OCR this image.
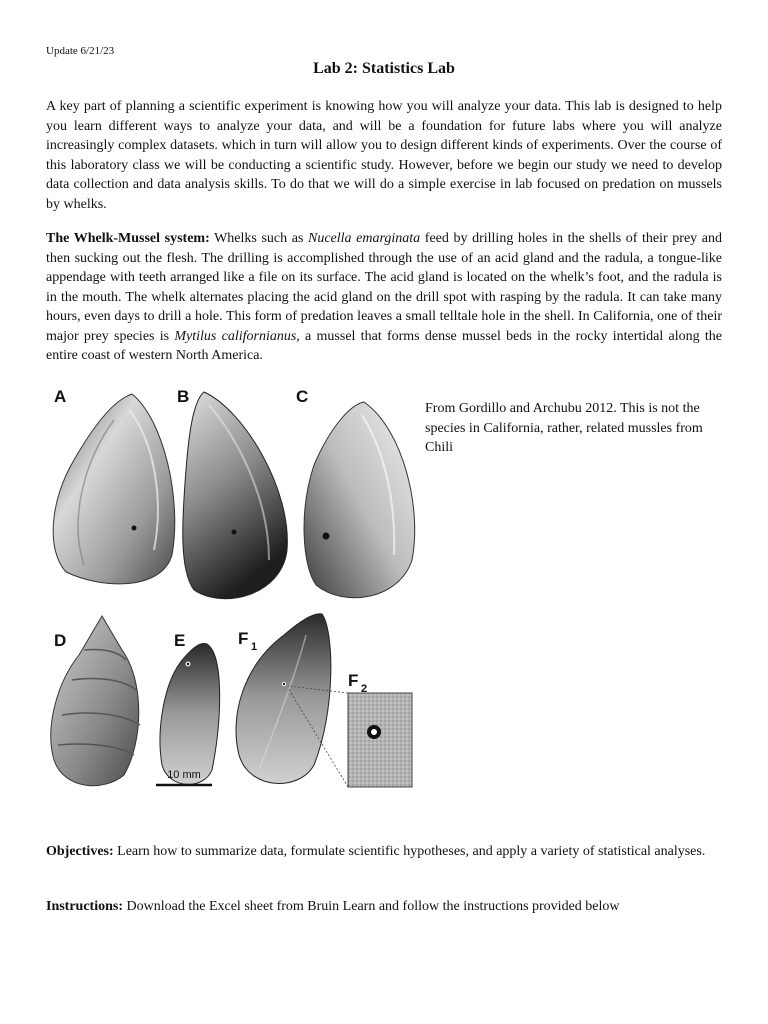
Update 6/21/23
Lab 2: Statistics Lab

A key part of planning a scientific experiment is knowing how you will analyze your data. This lab is designed to help you learn different ways to analyze your data, and will be a foundation for future labs where you will analyze increasingly complex datasets. which in turn will allow you to design different kinds of experiments. Over the course of this laboratory class we will be conducting a scientific study. However, before we begin our study we need to develop data collection and data analysis skills. To do that we will do a simple exercise in lab focused on predation on mussels by whelks.

The Whelk-Mussel system: Whelks such as Nucella emarginata feed by drilling holes in the shells of their prey and then sucking out the flesh. The drilling is accomplished through the use of an acid gland and the radula, a tongue-like appendage with teeth arranged like a file on its surface. The acid gland is located on the whelk’s foot, and the radula is in the mouth. The whelk alternates placing the acid gland on the drill spot with rasping by the radula. It can take many hours, even days to drill a hole. This form of predation leaves a small telltale hole in the shell. In California, one of their major prey species is Mytilus californianus, a mussel that forms dense mussel beds in the rocky intertidal along the entire coast of western North America.

A	B	C
D	E	F 1
F 2
10 mm
From Gordillo and Archubu 2012. This is not the species in California, rather, related mussles from Chili

Objectives: Learn how to summarize data, formulate scientific hypotheses, and apply a variety of statistical analyses.

Instructions: Download the Excel sheet from Bruin Learn and follow the instructions provided below
